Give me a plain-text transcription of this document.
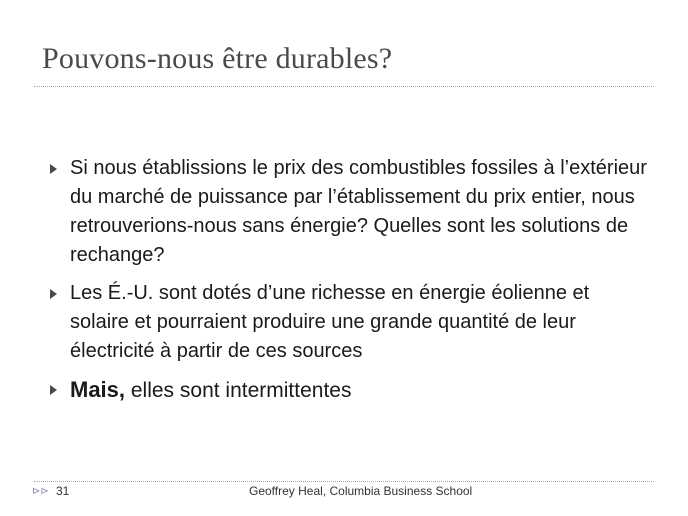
Pouvons-nous être durables?
Si nous établissions le prix des combustibles fossiles à l’extérieur du marché de puissance par l’établissement du prix entier, nous retrouverions-nous sans énergie? Quelles sont les solutions de rechange?
Les É.-U. sont dotés d’une richesse en énergie éolienne et solaire et pourraient produire une grande quantité de leur électricité à partir de ces sources
Mais, elles sont intermittentes
⊳⊳ 31	Geoffrey Heal, Columbia Business School
